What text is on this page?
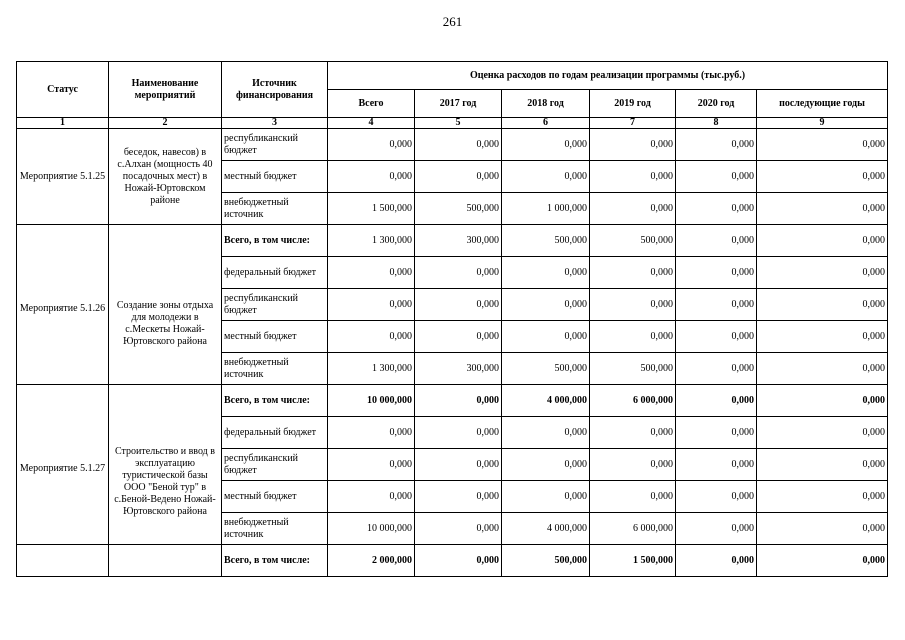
261
Статус	Наименование мероприятий	Источник финансирования	Оценка расходов по годам реализации программы (тыс.руб.)					
			Всего	2017 год	2018 год	2019 год	2020 год	последующие годы
1	2	3	4	5	6	7	8	9
Мероприятие 5.1.25	беседок, навесов) в с.Алхан (мощность 40 посадочных мест) в Ножай-Юртовском районе	республиканский бюджет	0,000	0,000	0,000	0,000	0,000	0,000
		местный бюджет	0,000	0,000	0,000	0,000	0,000	0,000
		внебюджетный источник	1 500,000	500,000	1 000,000	0,000	0,000	0,000
Мероприятие 5.1.26	Создание зоны отдыха для молодежи в с.Мескеты Ножай-Юртовского района	Всего, в том числе:	1 300,000	300,000	500,000	500,000	0,000	0,000
		федеральный бюджет	0,000	0,000	0,000	0,000	0,000	0,000
		республиканский бюджет	0,000	0,000	0,000	0,000	0,000	0,000
		местный бюджет	0,000	0,000	0,000	0,000	0,000	0,000
		внебюджетный источник	1 300,000	300,000	500,000	500,000	0,000	0,000
Мероприятие 5.1.27	Строительство и ввод в эксплуатацию туристической базы ООО "Беной тур" в с.Беной-Ведено Ножай-Юртовского района	Всего, в том числе:	10 000,000	0,000	4 000,000	6 000,000	0,000	0,000
		федеральный бюджет	0,000	0,000	0,000	0,000	0,000	0,000
		республиканский бюджет	0,000	0,000	0,000	0,000	0,000	0,000
		местный бюджет	0,000	0,000	0,000	0,000	0,000	0,000
		внебюджетный источник	10 000,000	0,000	4 000,000	6 000,000	0,000	0,000
		Всего, в том числе:	2 000,000	0,000	500,000	1 500,000	0,000	0,000
